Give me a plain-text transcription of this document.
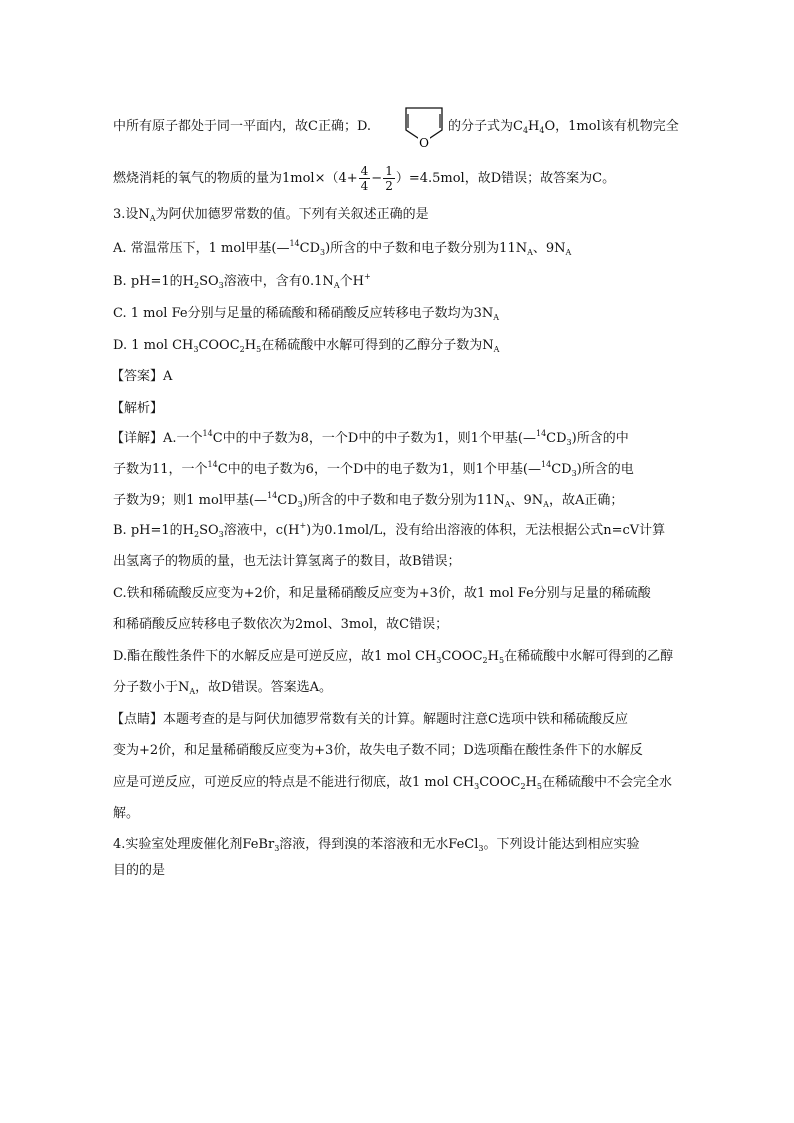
中所有原子都处于同一平面内，故C正确；D.
O
的分子式为$C_4H_4O$，1mol该有机物完全
燃烧消耗的氧气的物质的量为$1mol\times(4+ \frac{4}{4} - \frac{1}{2} )=4.5mol$，故D错误；故答案为C。
3.设$N_A$为阿伏加德罗常数的值。下列有关叙述正确的是
A. 常温常压下，1 mol甲基$(—^{14}CD_3)$所含的中子数和电子数分别为$11N_A$、$9N_A$
B. pH=1的$H_2SO_3$溶液中，含有$0.1N_A$个H+
C. 1 mol Fe分别与足量的稀硫酸和稀硝酸反应转移电子数均为$3N_A$
D. 1 mol $CH_3COOC_2H_5$在稀硫酸中水解可得到的乙醇分子数为$N_A$
【答案】A
【解析】
【详解】A.一个$^{14}$C中的中子数为8，一个D中的中子数为1，则1个甲基$(—^{14}CD_3)$所含的中
子数为11，一个$^{14}$C中的电子数为6，一个D中的电子数为1，则1个甲基$(—^{14}CD_3)$所含的电
子数为9；则1 mol甲基$(—^{14}CD_3)$所含的中子数和电子数分别为$11N_A$、$9N_A$，故A正确；
B. pH=1的$H_2SO_3$溶液中，c(H+)为0.1mol/L，没有给出溶液的体积，无法根据公式n=cV计算
出氢离子的物质的量，也无法计算氢离子的数目，故B错误；
C.铁和稀硫酸反应变为+2价，和足量稀硝酸反应变为+3价，故1 mol Fe分别与足量的稀硫酸
和稀硝酸反应转移电子数依次为2mol、3mol，故C错误；
D.酯在酸性条件下的水解反应是可逆反应，故1 mol $CH_3COOC_2H_5$在稀硫酸中水解可得到的乙醇
分子数小于$N_A$，故D错误。答案选A。
【点睛】本题考查的是与阿伏加德罗常数有关的计算。解题时注意C选项中铁和稀硫酸反应
变为+2价，和足量稀硝酸反应变为+3价，故失电子数不同；D选项酯在酸性条件下的水解反
应是可逆反应，可逆反应的特点是不能进行彻底，故1 mol $CH_3COOC_2H_5$在稀硫酸中不会完全水
解。
4.实验室处理废催化剂FeBr$_3$溶液，得到溴的苯溶液和无水FeCl$_3$。下列设计能达到相应实验
目的的是
